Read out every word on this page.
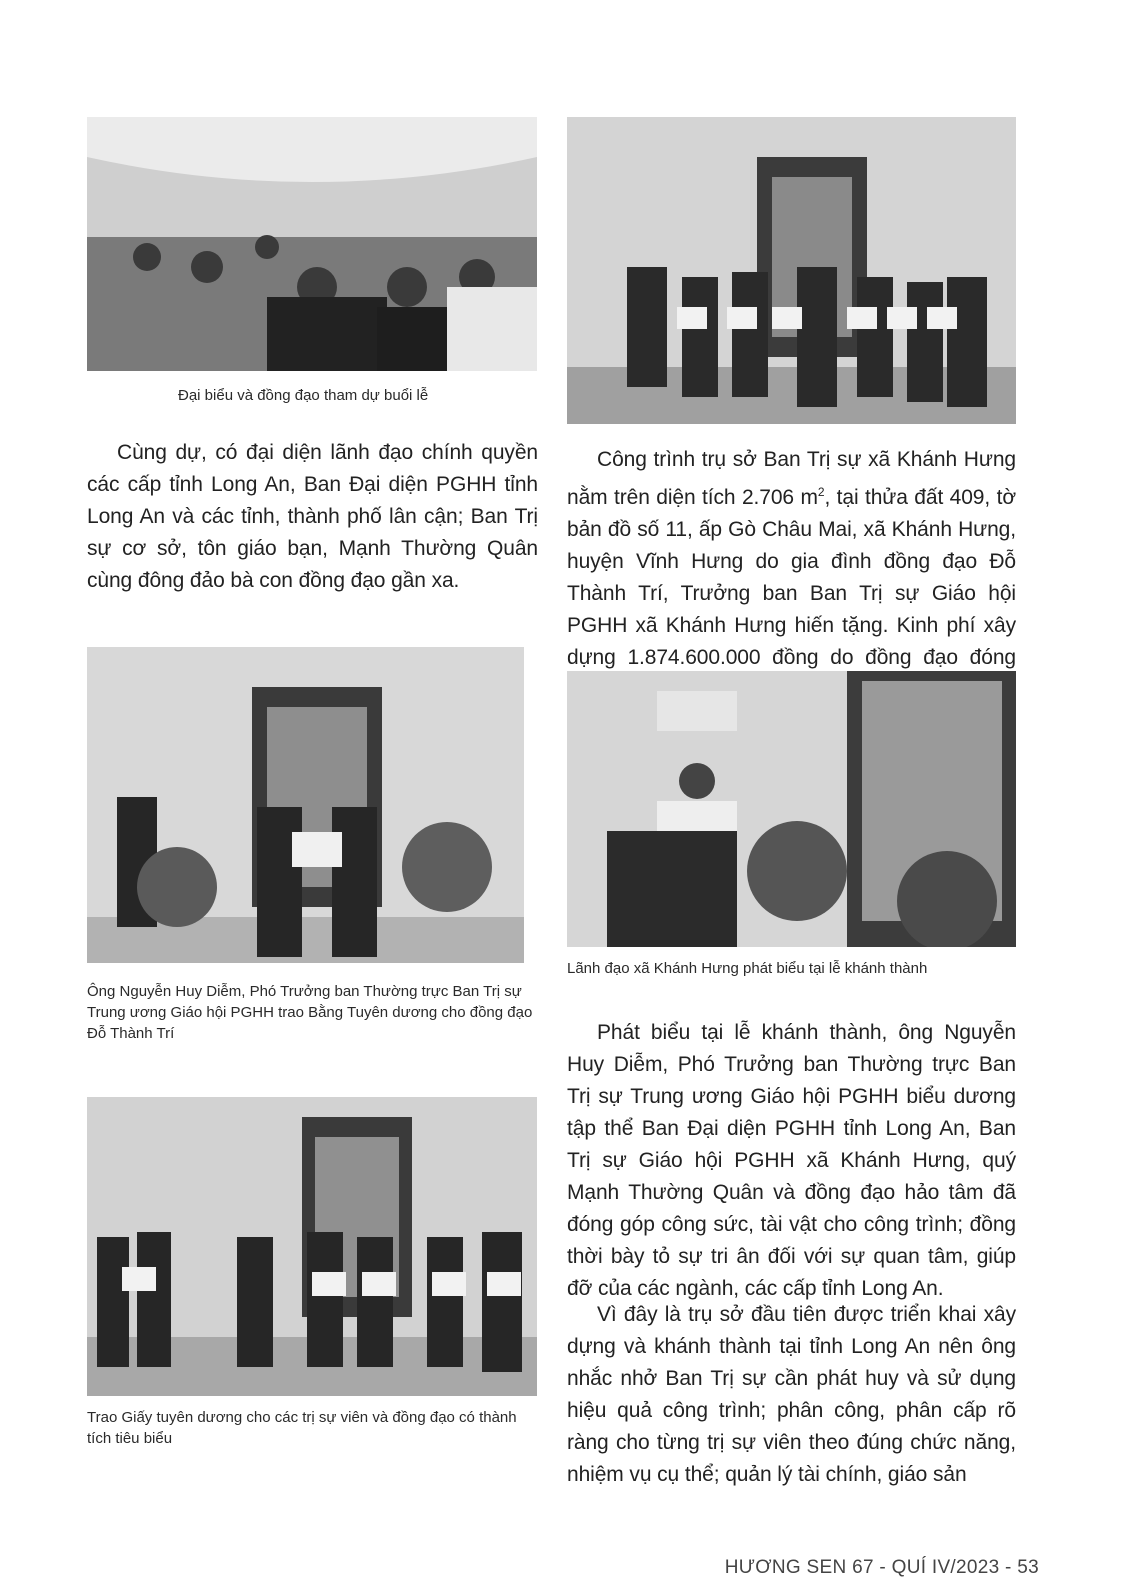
Đại biểu và đồng đạo tham dự buổi lễ

Cùng dự, có đại diện lãnh đạo chính quyền các cấp tỉnh Long An, Ban Đại diện PGHH tỉnh Long An và các tỉnh, thành phố lân cận; Ban Trị sự cơ sở, tôn giáo bạn, Mạnh Thường Quân cùng đông đảo bà con đồng đạo gần xa.

Công trình trụ sở Ban Trị sự xã Khánh Hưng nằm trên diện tích 2.706 $m^2$, tại thửa đất 409, tờ bản đồ số 11, ấp Gò Châu Mai, xã Khánh Hưng, huyện Vĩnh Hưng do gia đình đồng đạo Đỗ Thành Trí, Trưởng ban Ban Trị sự Giáo hội PGHH xã Khánh Hưng hiến tặng. Kinh phí xây dựng 1.874.600.000 đồng do đồng đạo đóng

Ông Nguyễn Huy Diễm, Phó Trưởng ban Thường trực Ban Trị sự Trung ương Giáo hội PGHH trao Bằng Tuyên dương cho đồng đạo Đỗ Thành Trí
Lãnh đạo xã Khánh Hưng phát biểu tại lễ khánh thành
Trao Giấy tuyên dương cho các trị sự viên và đồng đạo có thành tích tiêu biểu

Phát biểu tại lễ khánh thành, ông Nguyễn Huy Diễm, Phó Trưởng ban Thường trực Ban Trị sự Trung ương Giáo hội PGHH biểu dương tập thể Ban Đại diện PGHH tỉnh Long An, Ban Trị sự Giáo hội PGHH xã Khánh Hưng, quý Mạnh Thường Quân và đồng đạo hảo tâm đã đóng góp công sức, tài vật cho công trình; đồng thời bày tỏ sự tri ân đối với sự quan tâm, giúp đỡ của các ngành, các cấp tỉnh Long An.

Vì đây là trụ sở đầu tiên được triển khai xây dựng và khánh thành tại tỉnh Long An nên ông nhắc nhở Ban Trị sự cần phát huy và sử dụng hiệu quả công trình; phân công, phân cấp rõ ràng cho từng trị sự viên theo đúng chức năng, nhiệm vụ cụ thể; quản lý tài chính, giáo sản

HƯƠNG SEN 67 - QUÍ IV/2023 - 53
